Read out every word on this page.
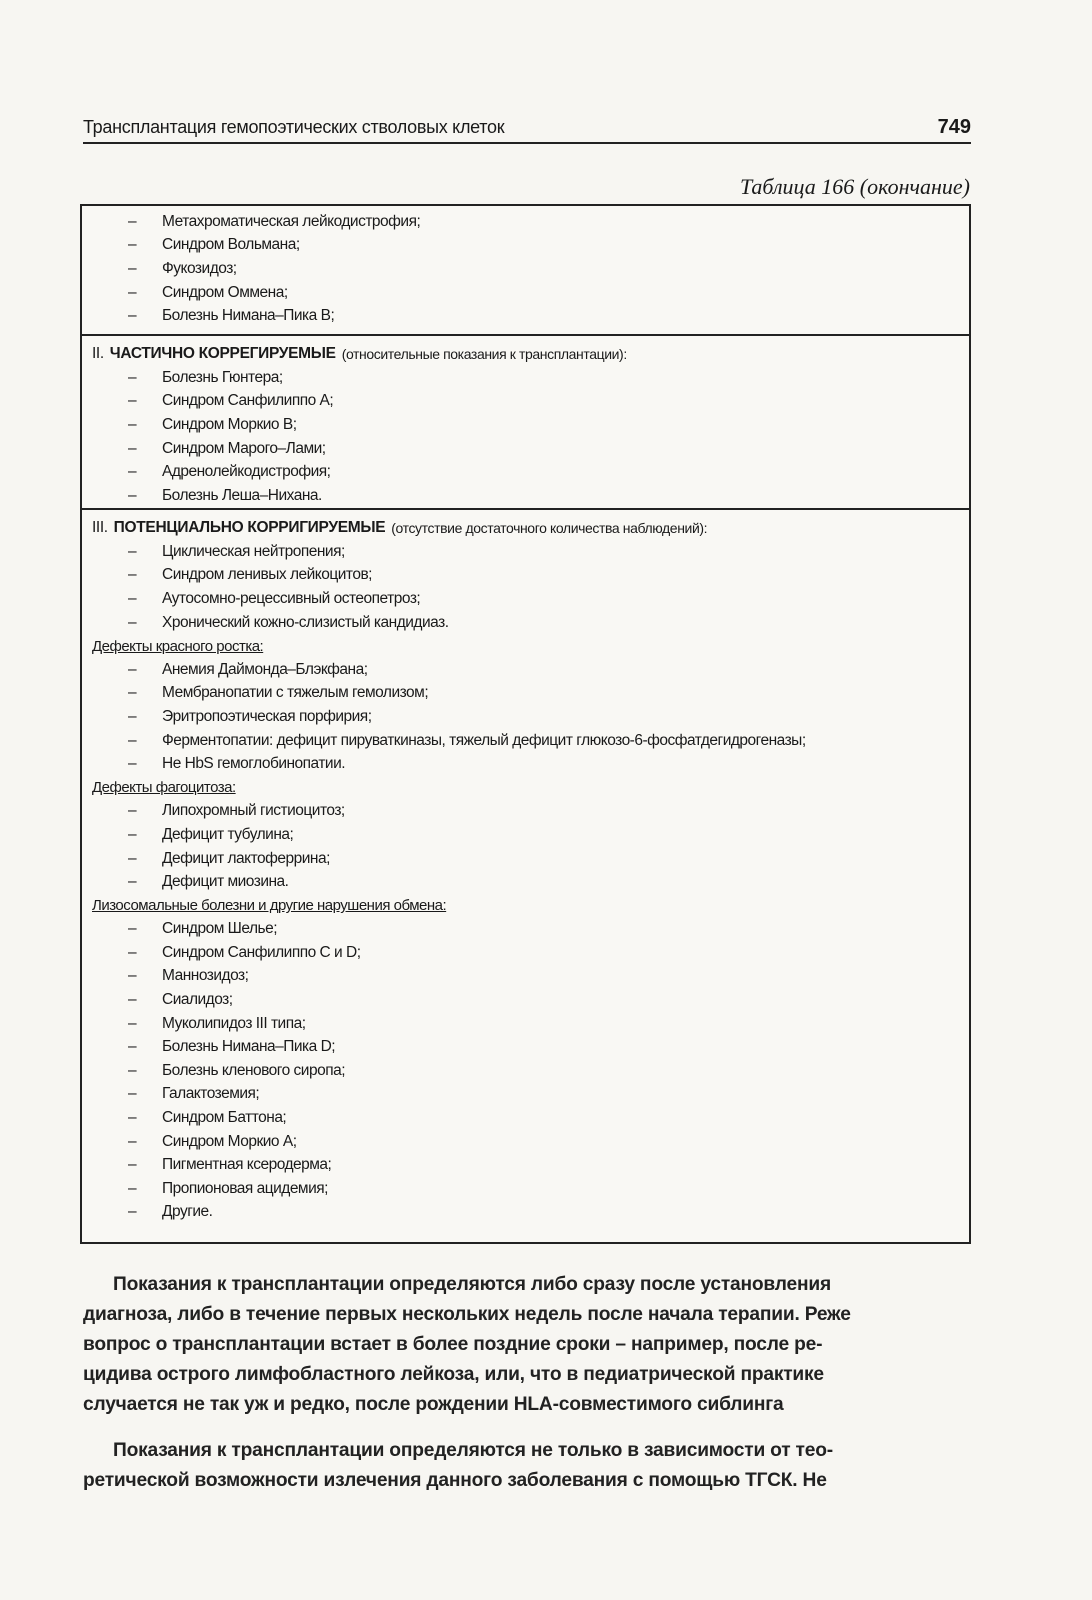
Трансплантация гемопоэтических стволовых клеток	749
Таблица 166 (окончание)
–	Метахроматическая лейкодистрофия;
–	Синдром Вольмана;
–	Фукозидоз;
–	Синдром Оммена;
–	Болезнь Нимана–Пика В;
II. ЧАСТИЧНО КОРРЕГИРУЕМЫЕ (относительные показания к трансплантации):
–	Болезнь Гюнтера;
–	Синдром Санфилиппо А;
–	Синдром Моркио В;
–	Синдром Марого–Лами;
–	Адренолейкодистрофия;
–	Болезнь Леша–Нихана.
III. ПОТЕНЦИАЛЬНО КОРРИГИРУЕМЫЕ (отсутствие достаточного количества наблюдений):
–	Циклическая нейтропения;
–	Синдром ленивых лейкоцитов;
–	Аутосомно-рецессивный остеопетроз;
–	Хронический кожно-слизистый кандидиаз.
Дефекты красного ростка:
–	Анемия Даймонда–Блэкфана;
–	Мембранопатии с тяжелым гемолизом;
–	Эритропоэтическая порфирия;
–	Ферментопатии: дефицит пируваткиназы, тяжелый дефицит глюкозо-6-фосфатдегидрогеназы;
–	Не HbS гемоглобинопатии.
Дефекты фагоцитоза:
–	Липохромный гистиоцитоз;
–	Дефицит тубулина;
–	Дефицит лактоферрина;
–	Дефицит миозина.
Лизосомальные болезни и другие нарушения обмена:
–	Синдром Шелье;
–	Синдром Санфилиппо С и D;
–	Маннозидоз;
–	Сиалидоз;
–	Муколипидоз III типа;
–	Болезнь Нимана–Пика D;
–	Болезнь кленового сиропа;
–	Галактоземия;
–	Синдром Баттона;
–	Синдром Моркио А;
–	Пигментная ксеродерма;
–	Пропионовая ацидемия;
–	Другие.
Показания к трансплантации определяются либо сразу после установления
диагноза, либо в течение первых нескольких недель после начала терапии. Реже
вопрос о трансплантации встает в более поздние сроки – например, после ре-
цидива острого лимфобластного лейкоза, или, что в педиатрической практике
случается не так уж и редко, после рождении HLA-совместимого сиблинга
Показания к трансплантации определяются не только в зависимости от тео-
ретической возможности излечения данного заболевания с помощью ТГСК. Не
